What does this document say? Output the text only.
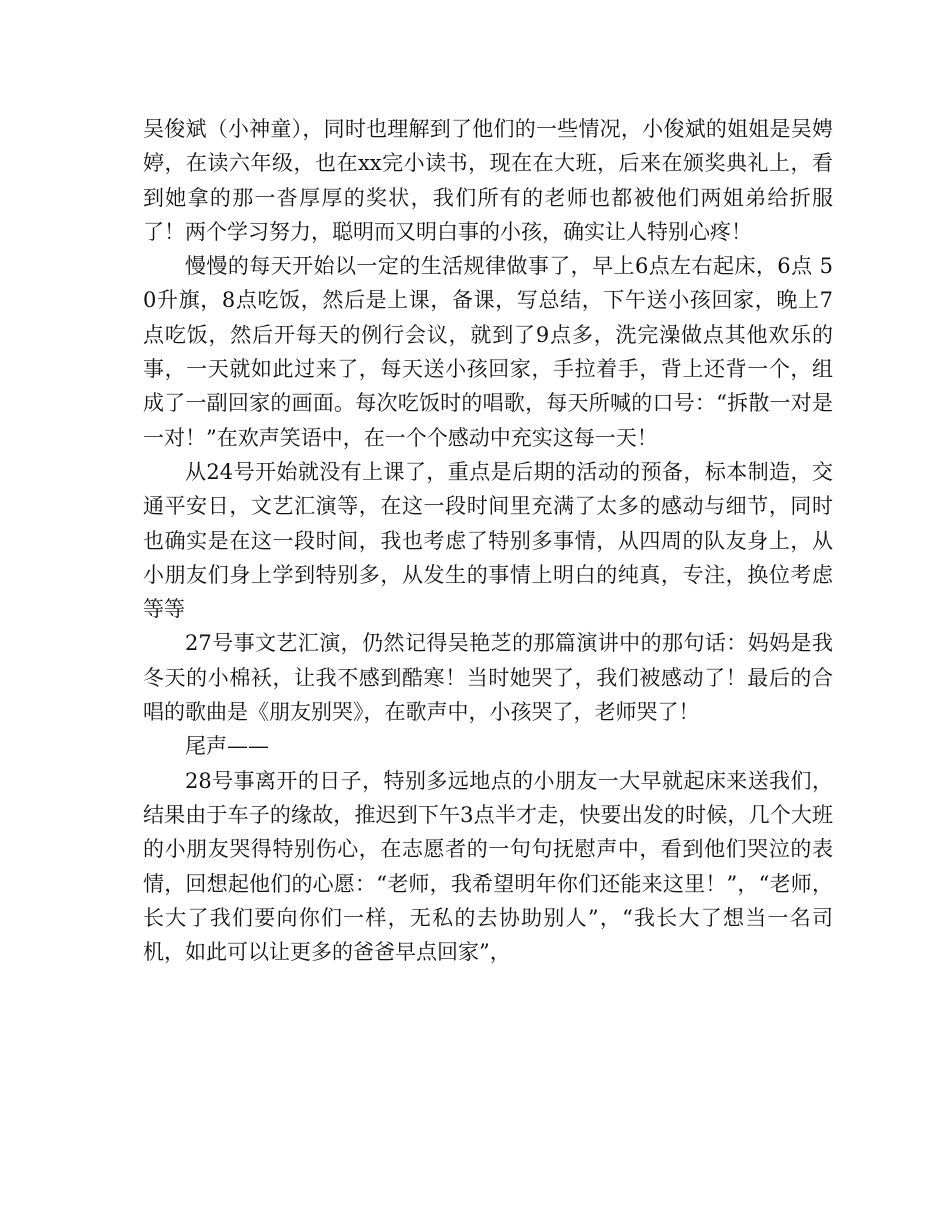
吴俊斌（小神童），同时也理解到了他们的一些情况，小俊斌的姐姐是吴娉婷，在读六年级，也在xx完小读书，现在在大班，后来在颁奖典礼上，看到她拿的那一沓厚厚的奖状，我们所有的老师也都被他们两姐弟给折服了！两个学习努力，聪明而又明白事的小孩，确实让人特别心疼！

慢慢的每天开始以一定的生活规律做事了，早上6点左右起床，6点 50升旗，8点吃饭，然后是上课，备课，写总结，下午送小孩回家，晚上7点吃饭，然后开每天的例行会议，就到了9点多，洗完澡做点其他欢乐的事，一天就如此过来了，每天送小孩回家，手拉着手，背上还背一个，组成了一副回家的画面。每次吃饭时的唱歌，每天所喊的口号：“拆散一对是一对！”在欢声笑语中，在一个个感动中充实这每一天！

从24号开始就没有上课了，重点是后期的活动的预备，标本制造，交通平安日，文艺汇演等，在这一段时间里充满了太多的感动与细节，同时也确实是在这一段时间，我也考虑了特别多事情，从四周的队友身上，从小朋友们身上学到特别多，从发生的事情上明白的纯真，专注，换位考虑等等

27号事文艺汇演，仍然记得吴艳芝的那篇演讲中的那句话：妈妈是我冬天的小棉袄，让我不感到酷寒！当时她哭了，我们被感动了！最后的合唱的歌曲是《朋友别哭》，在歌声中，小孩哭了，老师哭了！

尾声——

28号事离开的日子，特别多远地点的小朋友一大早就起床来送我们，结果由于车子的缘故，推迟到下午3点半才走，快要出发的时候，几个大班的小朋友哭得特别伤心，在志愿者的一句句抚慰声中，看到他们哭泣的表情，回想起他们的心愿：“老师，我希望明年你们还能来这里！”，“老师，长大了我们要向你们一样，无私的去协助别人”，“我长大了想当一名司机，如此可以让更多的爸爸早点回家”，
